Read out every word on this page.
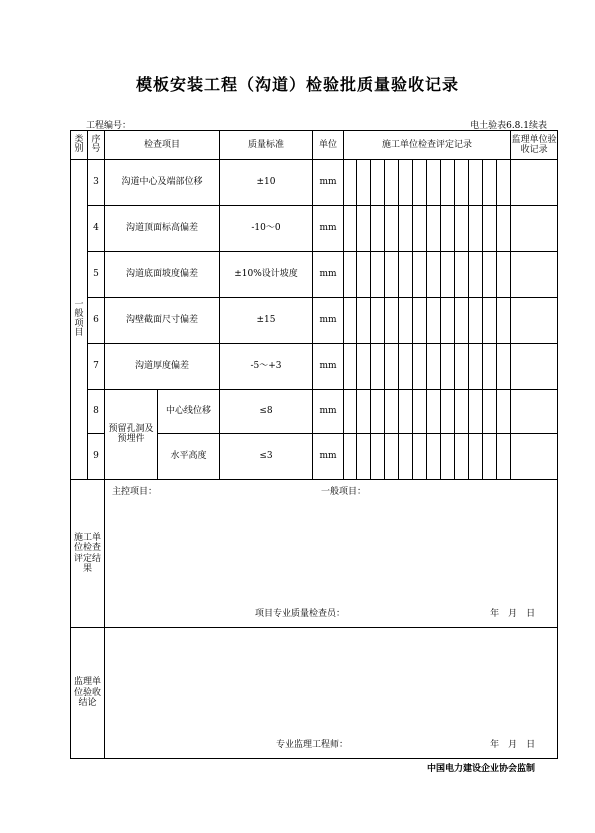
模板安装工程（沟道）检验批质量验收记录
工程编号：	电土验表6.8.1续表
类别	序号	检查项目		质量标准	单位	施工单位检查评定记录												监理单位验收记录

一般项目	3	沟道中心及端部位移		±10	mm													
	4	沟道顶面标高偏差		-10～0	mm													
	5	沟道底面坡度偏差		±10%设计坡度	mm													
	6	沟壁截面尺寸偏差		±15	mm													
	7	沟道厚度偏差		-5～+3	mm													
	8	预留孔洞及预埋件	中心线位移	≤8	mm													
	9		水平高度	≤3	mm													

施工单位检查评定结果		主控项目： 一般项目：
项目专业质量检查员： 年　月　日																

监理单位验收结论		专业监理工程师： 年　月　日																
中国电力建设企业协会监制
